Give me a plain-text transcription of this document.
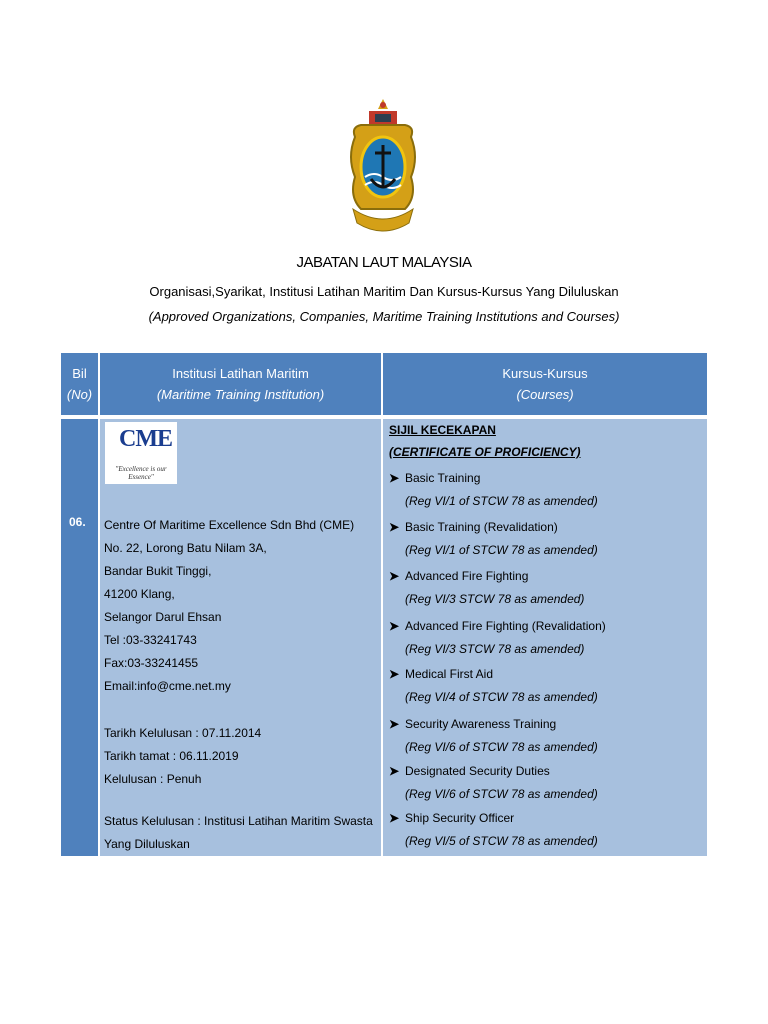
JABATAN LAUT MALAYSIA
Organisasi,Syarikat, Institusi Latihan Maritim Dan Kursus-Kursus Yang Diluluskan
(Approved Organizations, Companies, Maritime Training Institutions and Courses)
Bil
(No)
Institusi Latihan Maritim
(Maritime Training Institution)
Kursus-Kursus
(Courses)
06.
CME
"Excellence is our Essence"
Centre Of Maritime Excellence Sdn Bhd (CME)
No. 22, Lorong Batu Nilam 3A,
Bandar Bukit Tinggi,
41200 Klang,
Selangor Darul Ehsan
Tel :03-33241743
Fax:03-33241455
Email:info@cme.net.my
Tarikh Kelulusan : 07.11.2014
Tarikh tamat : 06.11.2019
Kelulusan : Penuh
Status Kelulusan : Institusi Latihan Maritim Swasta Yang Diluluskan
SIJIL KECEKAPAN
(CERTIFICATE OF PROFICIENCY)
➤ Basic Training
(Reg VI/1 of STCW 78 as amended)
➤ Basic Training (Revalidation)
(Reg VI/1 of STCW 78 as amended)
➤ Advanced Fire Fighting
(Reg VI/3 STCW 78 as amended)
➤ Advanced Fire Fighting (Revalidation)
(Reg VI/3 STCW 78 as amended)
➤ Medical First Aid
(Reg VI/4 of STCW 78 as amended)
➤ Security Awareness Training
(Reg VI/6 of STCW 78 as amended)
➤ Designated Security Duties
(Reg VI/6 of STCW 78 as amended)
➤ Ship Security Officer
(Reg VI/5 of STCW 78 as amended)
